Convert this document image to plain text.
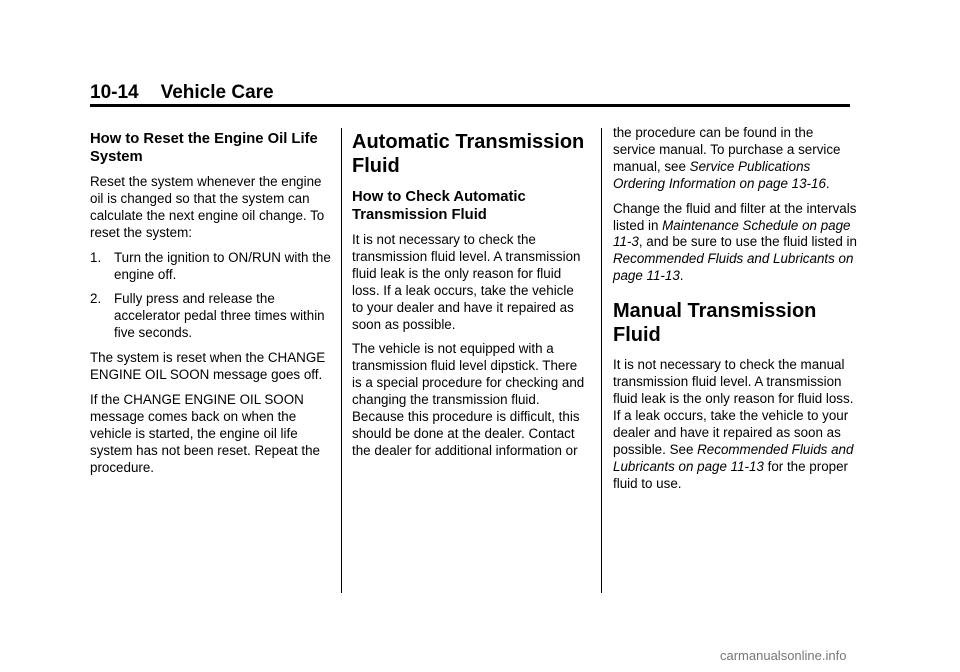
10-14 Vehicle Care
How to Reset the Engine Oil Life System

Reset the system whenever the engine oil is changed so that the system can calculate the next engine oil change. To reset the system:

1. Turn the ignition to ON/RUN with the engine off.
2. Fully press and release the accelerator pedal three times within five seconds.

The system is reset when the CHANGE ENGINE OIL SOON message goes off.

If the CHANGE ENGINE OIL SOON message comes back on when the vehicle is started, the engine oil life system has not been reset. Repeat the procedure.

Automatic Transmission Fluid
How to Check Automatic Transmission Fluid

It is not necessary to check the transmission fluid level. A transmission fluid leak is the only reason for fluid loss. If a leak occurs, take the vehicle to your dealer and have it repaired as soon as possible.

The vehicle is not equipped with a transmission fluid level dipstick. There is a special procedure for checking and changing the transmission fluid. Because this procedure is difficult, this should be done at the dealer. Contact the dealer for additional information or

the procedure can be found in the service manual. To purchase a service manual, see Service Publications Ordering Information on page 13-16.

Change the fluid and filter at the intervals listed in Maintenance Schedule on page 11-3, and be sure to use the fluid listed in Recommended Fluids and Lubricants on page 11-13.

Manual Transmission Fluid

It is not necessary to check the manual transmission fluid level. A transmission fluid leak is the only reason for fluid loss. If a leak occurs, take the vehicle to your dealer and have it repaired as soon as possible. See Recommended Fluids and Lubricants on page 11-13 for the proper fluid to use.

carmanualsonline.info
